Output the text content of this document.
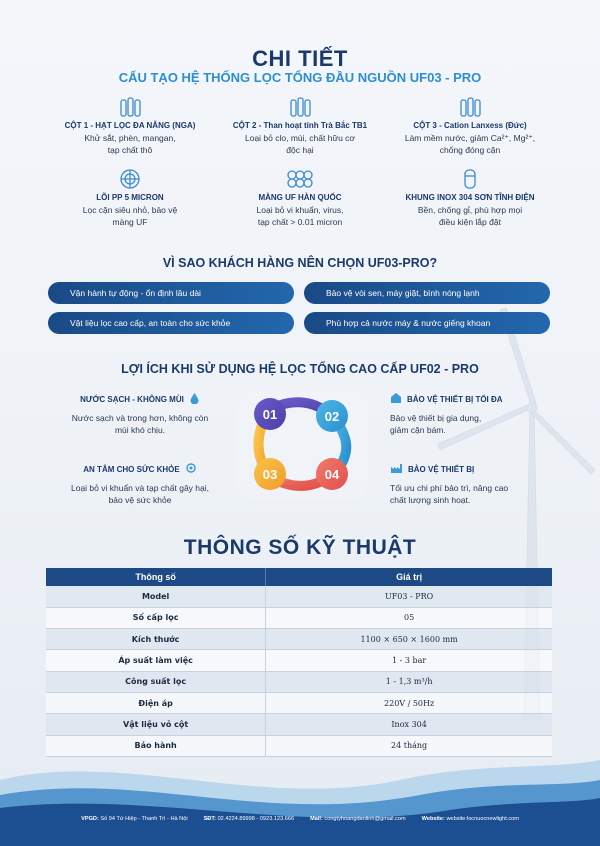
CHI TIẾT
CẤU TẠO HỆ THỐNG LỌC TỔNG ĐẦU NGUỒN UF03 - PRO
CỘT 1 - HẠT LỌC ĐA NĂNG (NGA)
Khử sắt, phèn, mangan,
tạp chất thô
CỘT 2 - Than hoạt tính Trà Bắc TB1
Loại bỏ clo, mùi, chất hữu cơ
độc hại
CỘT 3 - Cation Lanxess (Đức)
Làm mềm nước, giảm Ca²⁺, Mg²⁺,
chống đóng cặn
LÕI PP 5 MICRON
Lọc cặn siêu nhỏ, bảo vệ
màng UF
MÀNG UF HÀN QUỐC
Loại bỏ vi khuẩn, virus,
tạp chất > 0.01 micron
KHUNG INOX 304 SƠN TĨNH ĐIỆN
Bền, chống gỉ, phù hợp mọi
điều kiện lắp đặt
VÌ SAO KHÁCH HÀNG NÊN CHỌN UF03-PRO?
Vận hành tự động - ổn định lâu dài	Bảo vệ vòi sen, máy giặt, bình nóng lạnh
Vật liệu lọc cao cấp, an toàn cho sức khỏe	Phù hợp cả nước máy & nước giếng khoan
LỢI ÍCH KHI SỬ DỤNG HỆ LỌC TỔNG CAO CẤP UF02 - PRO
01	02
03	04
NƯỚC SẠCH - KHÔNG MÙI
Nước sạch và trong hơn, không còn
mùi khó chịu.
BẢO VỆ THIẾT BỊ TỐI ĐA
Bảo vệ thiết bị gia dụng,
giảm cặn bám.
AN TÂM CHO SỨC KHỎE
Loại bỏ vi khuẩn và tạp chất gây hại,
bảo vệ sức khỏe
BẢO VỆ THIẾT BỊ
Tối ưu chi phí bảo trì, nâng cao
chất lượng sinh hoạt.
THÔNG SỐ KỸ THUẬT
Thông số	Giá trị
Model	UF03 - PRO
Số cấp lọc	05
Kích thước	1100 × 650 × 1600 mm
Áp suất làm việc	1 - 3 bar
Công suất lọc	1 - 1,3 m³/h
Điện áp	220V / 50Hz
Vật liệu vỏ cột	Inox 304
Bảo hành	24 tháng
VPGD: Số 94 Tứ Hiệp - Thanh Trì - Hà Nội	SĐT: 02.4224.89998 - 0923.123.666	Mail: congtyhoangdanlinh@gmail.com	Website: website:locnuocnewlight.com
